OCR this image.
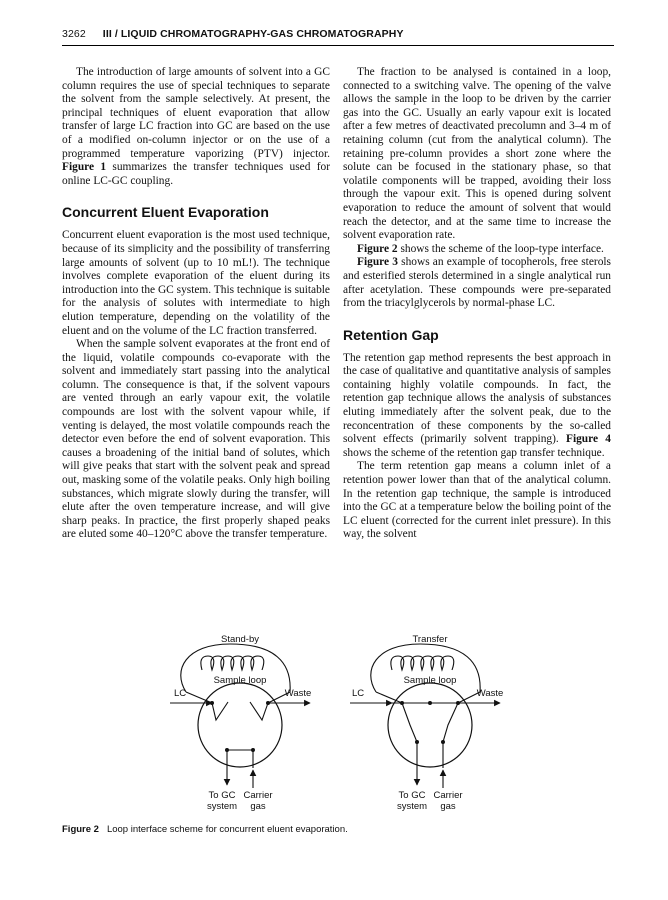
3262 III / LIQUID CHROMATOGRAPHY-GAS CHROMATOGRAPHY

The introduction of large amounts of solvent into a GC column requires the use of special techniques to separate the solvent from the sample selectively. At present, the principal techniques of eluent evaporation that allow transfer of large LC fraction into GC are based on the use of a modified on-column injector or on the use of a programmed temperature vaporizing (PTV) injector. Figure 1 summarizes the transfer techniques used for online LC-GC coupling.

Concurrent Eluent Evaporation

Concurrent eluent evaporation is the most used technique, because of its simplicity and the possibility of transferring large amounts of solvent (up to 10 mL!). The technique involves complete evaporation of the eluent during its introduction into the GC system. This technique is suitable for the analysis of solutes with intermediate to high elution temperature, depending on the volatility of the eluent and on the volume of the LC fraction transferred.

When the sample solvent evaporates at the front end of the liquid, volatile compounds co-evaporate with the solvent and immediately start passing into the analytical column. The consequence is that, if the solvent vapours are vented through an early vapour exit, the volatile compounds are lost with the solvent vapour while, if venting is delayed, the most volatile compounds reach the detector even before the end of solvent evaporation. This causes a broadening of the initial band of solutes, which will give peaks that start with the solvent peak and spread out, masking some of the volatile peaks. Only high boiling substances, which migrate slowly during the transfer, will elute after the oven temperature increase, and will give sharp peaks. In practice, the first properly shaped peaks are eluted some 40–120°C above the transfer temperature.

The fraction to be analysed is contained in a loop, connected to a switching valve. The opening of the valve allows the sample in the loop to be driven by the carrier gas into the GC. Usually an early vapour exit is located after a few metres of deactivated precolumn and 3–4 m of retaining column (cut from the analytical column). The retaining pre-column provides a short zone where the solute can be focused in the stationary phase, so that volatile components will be trapped, avoiding their loss through the vapour exit. This is opened during solvent evaporation to reduce the amount of solvent that would reach the detector, and at the same time to increase the solvent evaporation rate.

Figure 2 shows the scheme of the loop-type interface.

Figure 3 shows an example of tocopherols, free sterols and esterified sterols determined in a single analytical run after acetylation. These compounds were pre-separated from the triacylglycerols by normal-phase LC.

Retention Gap

The retention gap method represents the best approach in the case of qualitative and quantitative analysis of samples containing highly volatile compounds. In fact, the retention gap technique allows the analysis of substances eluting immediately after the solvent peak, due to the reconcentration of these components by the so-called solvent effects (primarily solvent trapping). Figure 4 shows the scheme of the retention gap transfer technique.

The term retention gap means a column inlet of a retention power lower than that of the analytical column. In the retention gap technique, the sample is introduced into the GC at a temperature below the boiling point of the LC eluent (corrected for the current inlet pressure). In this way, the solvent

Stand-by
Sample loop
LC	Waste
To GC
system
Carrier
gas
Transfer
Sample loop
LC	Waste
To GC
system
Carrier
gas
Figure 2 Loop interface scheme for concurrent eluent evaporation.
